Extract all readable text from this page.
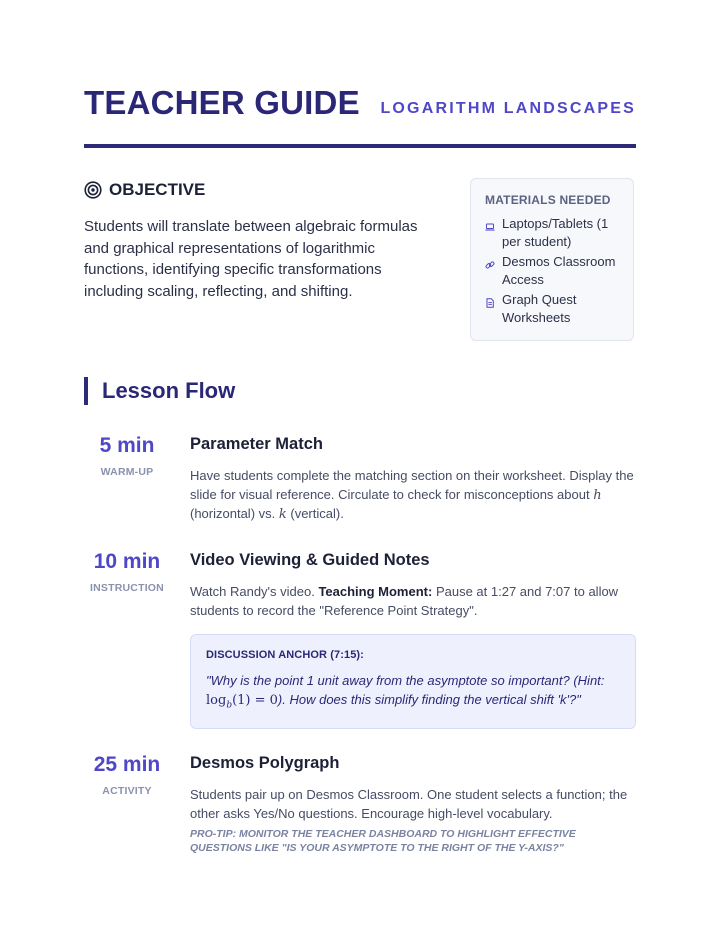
TEACHER GUIDE LOGARITHM LANDSCAPES
OBJECTIVE
Students will translate between algebraic formulas and graphical representations of logarithmic functions, identifying specific transformations including scaling, reflecting, and shifting.
MATERIALS NEEDED
Laptops/Tablets (1 per student)
Desmos Classroom Access
Graph Quest Worksheets
Lesson Flow
5 min
WARM-UP
Parameter Match
Have students complete the matching section on their worksheet. Display the slide for visual reference. Circulate to check for misconceptions about h (horizontal) vs. k (vertical).
10 min
INSTRUCTION
Video Viewing & Guided Notes
Watch Randy's video. Teaching Moment: Pause at 1:27 and 7:07 to allow students to record the "Reference Point Strategy".
DISCUSSION ANCHOR (7:15):
"Why is the point 1 unit away from the asymptote so important? (Hint: $\log_b(1) = 0$). How does this simplify finding the vertical shift 'k'?"
25 min
ACTIVITY
Desmos Polygraph
Students pair up on Desmos Classroom. One student selects a function; the other asks Yes/No questions. Encourage high-level vocabulary.
PRO-TIP: MONITOR THE TEACHER DASHBOARD TO HIGHLIGHT EFFECTIVE QUESTIONS LIKE "IS YOUR ASYMPTOTE TO THE RIGHT OF THE Y-AXIS?"
